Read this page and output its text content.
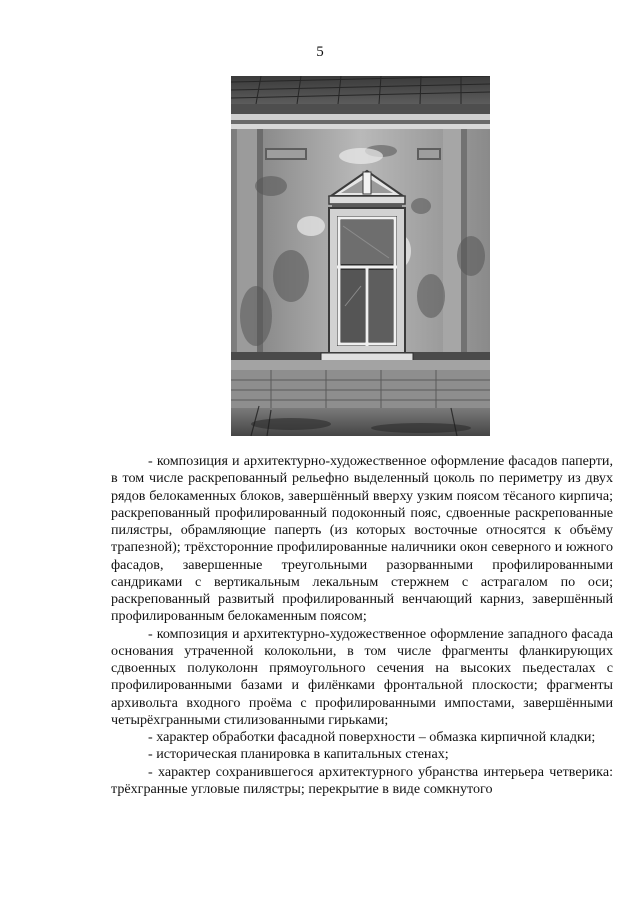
5

- композиция и архитектурно-художественное оформление фасадов паперти, в том числе раскрепованный рельефно выделенный цоколь по периметру из двух рядов белокаменных блоков, завершённый вверху узким поясом тёсаного кирпича; раскрепованный профилированный подоконный пояс, сдвоенные раскрепованные пилястры, обрамляющие паперть (из которых восточные относятся к объёму трапезной); трёхсторонние профилированные наличники окон северного и южного фасадов, завершенные треугольными разорванными профилированными сандриками с вертикальным лекальным стержнем с астрагалом по оси; раскрепованный развитый профилированный венчающий карниз, завершённый профилированным белокаменным поясом;

- композиция и архитектурно-художественное оформление западного фасада основания утраченной колокольни, в том числе фрагменты фланкирующих сдвоенных полуколонн прямоугольного сечения на высоких пьедесталах с профилированными базами и филёнками фронтальной плоскости; фрагменты архивольта входного проёма с профилированными импостами, завершёнными четырёхгранными стилизованными гирьками;

- характер обработки фасадной поверхности – обмазка кирпичной кладки;

- историческая планировка в капитальных стенах;

- характер сохранившегося архитектурного убранства интерьера четверика: трёхгранные угловые пилястры; перекрытие в виде сомкнутого
